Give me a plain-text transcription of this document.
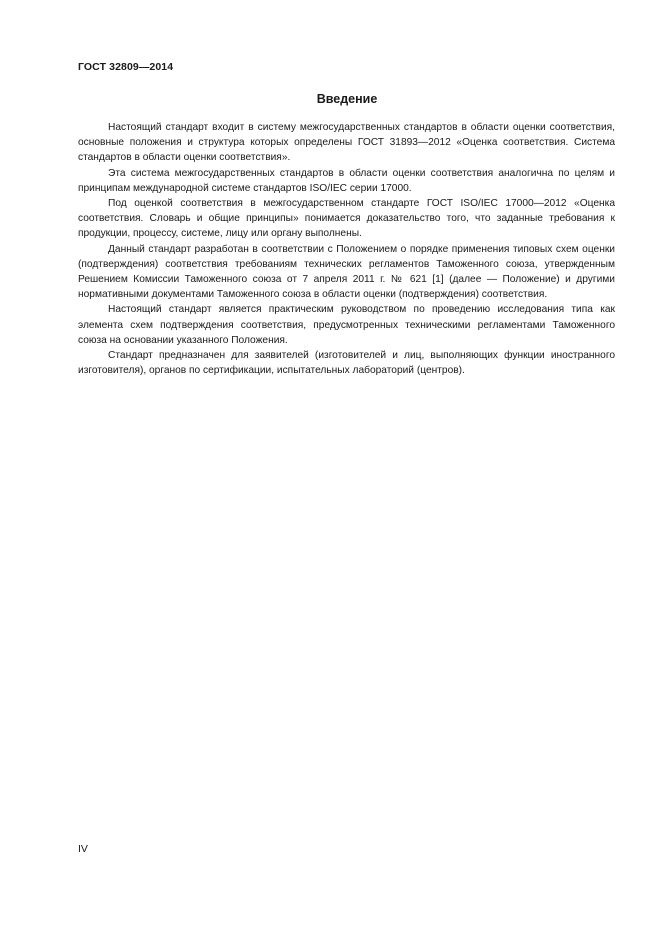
ГОСТ 32809—2014
Введение

Настоящий стандарт входит в систему межгосударственных стандартов в области оценки соответствия, основные положения и структура которых определены ГОСТ 31893—2012 «Оценка соответствия. Система стандартов в области оценки соответствия».

Эта система межгосударственных стандартов в области оценки соответствия аналогична по целям и принципам международной системе стандартов ISO/IEC серии 17000.

Под оценкой соответствия в межгосударственном стандарте ГОСТ ISO/IEC 17000—2012 «Оценка соответствия. Словарь и общие принципы» понимается доказательство того, что заданные требования к продукции, процессу, системе, лицу или органу выполнены.

Данный стандарт разработан в соответствии с Положением о порядке применения типовых схем оценки (подтверждения) соответствия требованиям технических регламентов Таможенного союза, утвержденным Решением Комиссии Таможенного союза от 7 апреля 2011 г. № 621 [1] (далее — Положение) и другими нормативными документами Таможенного союза в области оценки (подтверждения) соответствия.

Настоящий стандарт является практическим руководством по проведению исследования типа как элемента схем подтверждения соответствия, предусмотренных техническими регламентами Таможенного союза на основании указанного Положения.

Стандарт предназначен для заявителей (изготовителей и лиц, выполняющих функции иностранного изготовителя), органов по сертификации, испытательных лабораторий (центров).

IV
